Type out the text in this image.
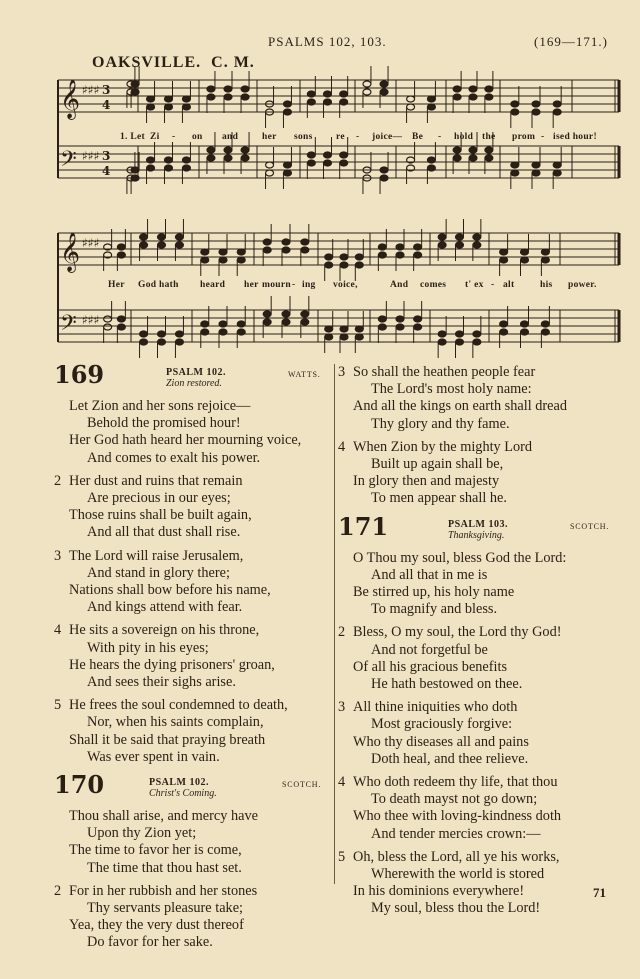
PSALMS 102, 103.	(169—171.)
OAKSVILLE. C. M.
𝄞 ♯♯♯ 3
4
𝄢 ♯♯♯ 3
4
𝄞 ♯♯♯
𝄢 ♯♯♯
1. Let Zi - on and	her sons re - joice— Be - hold the prom - ised hour!
Her God hath heard her mourn - ing voice,	And comes t' ex - alt	his power.
169	PSALM 102.
Zion restored.
WATTS.

Let Zion and her sons rejoice—

Behold the promised hour!

Her God hath heard her mourning voice,

And comes to exalt his power.

2 Her dust and ruins that remain

Are precious in our eyes;

Those ruins shall be built again,

And all that dust shall rise.

3 The Lord will raise Jerusalem,

And stand in glory there;

Nations shall bow before his name,

And kings attend with fear.

4 He sits a sovereign on his throne,

With pity in his eyes;

He hears the dying prisoners' groan,

And sees their sighs arise.

5 He frees the soul condemned to death,

Nor, when his saints complain,

Shall it be said that praying breath

Was ever spent in vain.

170	PSALM 102.
Christ's Coming.
SCOTCH.

Thou shall arise, and mercy have

Upon thy Zion yet;

The time to favor her is come,

The time that thou hast set.

2 For in her rubbish and her stones

Thy servants pleasure take;

Yea, they the very dust thereof

Do favor for her sake.

3 So shall the heathen people fear

The Lord's most holy name:

And all the kings on earth shall dread

Thy glory and thy fame.

4 When Zion by the mighty Lord

Built up again shall be,

In glory then and majesty

To men appear shall he.

171	PSALM 103.
Thanksgiving.
SCOTCH.

O Thou my soul, bless God the Lord:

And all that in me is

Be stirred up, his holy name

To magnify and bless.

2 Bless, O my soul, the Lord thy God!

And not forgetful be

Of all his gracious benefits

He hath bestowed on thee.

3 All thine iniquities who doth

Most graciously forgive:

Who thy diseases all and pains

Doth heal, and thee relieve.

4 Who doth redeem thy life, that thou

To death mayst not go down;

Who thee with loving-kindness doth

And tender mercies crown:—

5 Oh, bless the Lord, all ye his works,

Wherewith the world is stored

In his dominions everywhere!

My soul, bless thou the Lord!

71
